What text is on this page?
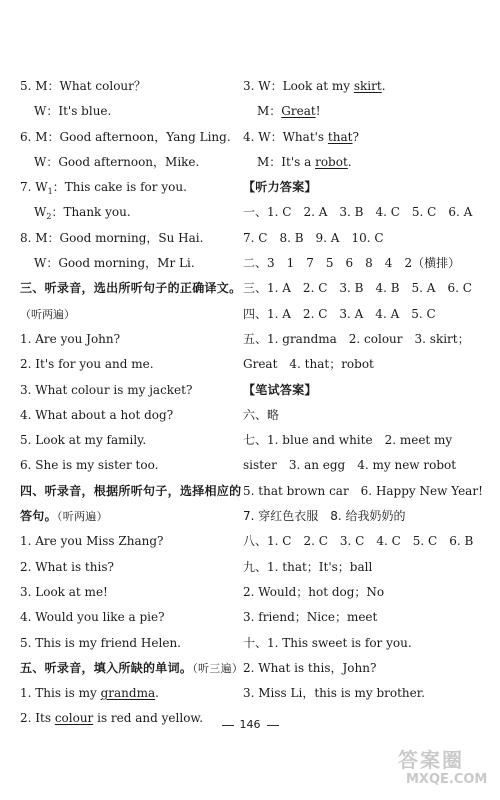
5. M：What colour？
W：It's blue.
6. M：Good afternoon，Yang Ling.
W：Good afternoon，Mike.
7. $W_1$：This cake is for you.
$W_2$：Thank you.
8. M：Good morning，Su Hai.
W：Good morning，Mr Li.
三、听录音，选出所听句子的正确译文。
（听两遍）
1. Are you John?
2. It's for you and me.
3. What colour is my jacket?
4. What about a hot dog?
5. Look at my family.
6. She is my sister too.
四、听录音，根据所听句子，选择相应的
答句。（听两遍）
1. Are you Miss Zhang?
2. What is this?
3. Look at me!
4. Would you like a pie?
5. This is my friend Helen.
五、听录音，填入所缺的单词。（听三遍）
1. This is my grandma.
2. Its colour is red and yellow.
3. W：Look at my skirt.
M：Great!
4. W：What's that?
M：It's a robot.
【听力答案】
一、1. C　2. A　3. B　4. C　5. C　6. A
7. C　8. B　9. A　10. C
二、3　1　7　5　6　8　4　2（横排）
三、1. A　2. C　3. B　4. B　5. A　6. C
四、1. A　2. C　3. A　4. A　5. C
五、1. grandma　2. colour　3. skirt；
Great　4. that；robot
【笔试答案】
六、略
七、1. blue and white　2. meet my
sister　3. an egg　4. my new robot
5. that brown car　6. Happy New Year!
7. 穿红色衣服　8. 给我奶奶的
八、1. C　2. C　3. C　4. C　5. C　6. B
九、1. that；It's；ball
2. Would；hot dog；No
3. friend；Nice；meet
十、1. This sweet is for you.
2. What is this，John?
3. Miss Li，this is my brother.
146
答案圈
MXQE.COM
